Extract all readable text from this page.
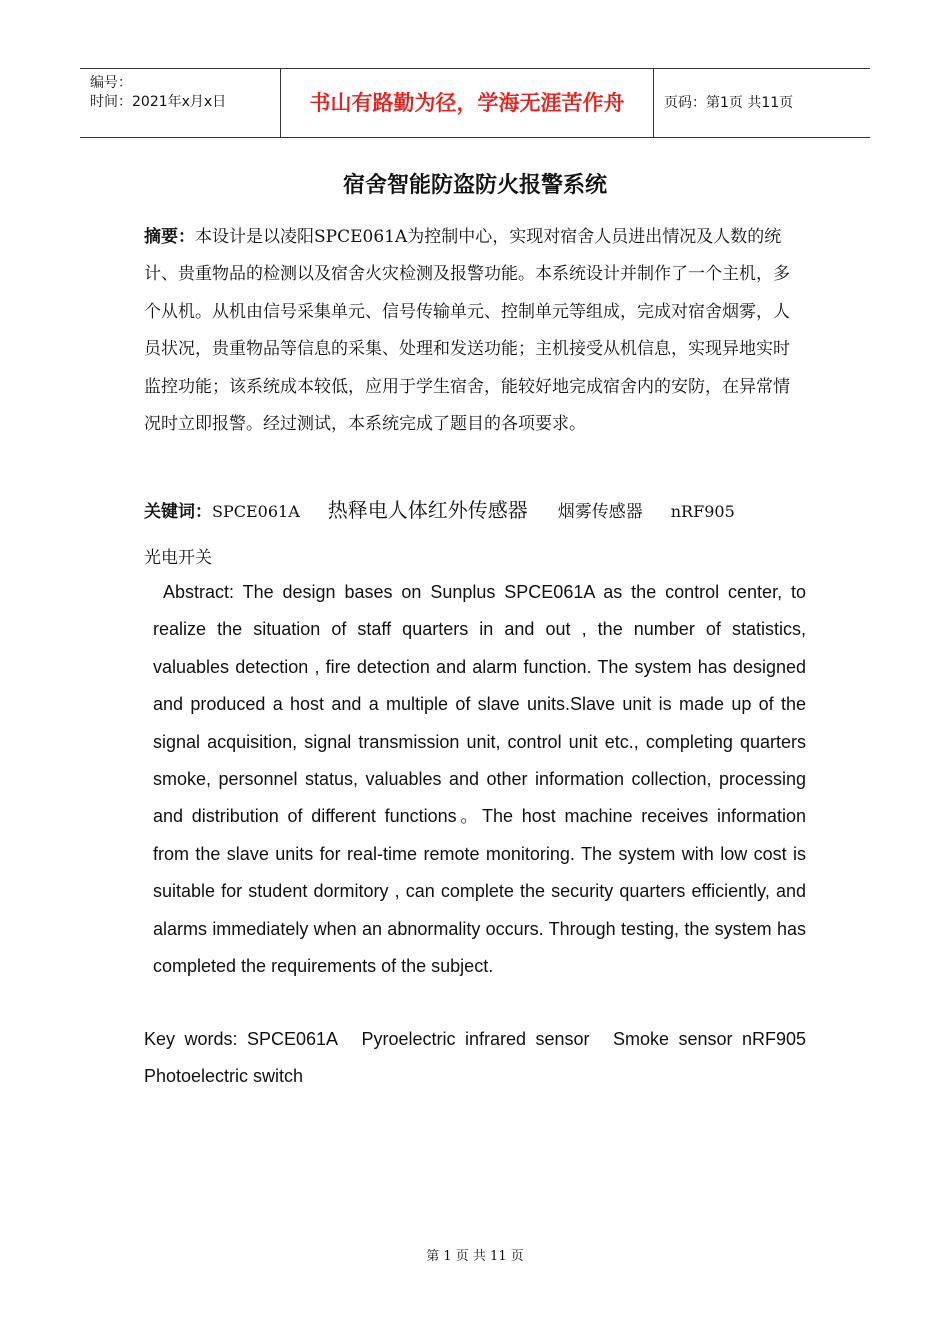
编号：
时间：2021年x月x日	书山有路勤为径，学海无涯苦作舟	页码：第1页 共11页
宿舍智能防盗防火报警系统
摘要：本设计是以凌阳SPCE061A为控制中心，实现对宿舍人员进出情况及人数的统计、贵重物品的检测以及宿舍火灾检测及报警功能。本系统设计并制作了一个主机，多个从机。从机由信号采集单元、信号传输单元、控制单元等组成，完成对宿舍烟雾，人员状况，贵重物品等信息的采集、处理和发送功能；主机接受从机信息，实现异地实时监控功能；该系统成本较低，应用于学生宿舍，能较好地完成宿舍内的安防，在异常情况时立即报警。经过测试，本系统完成了题目的各项要求。
关键词：SPCE061A 热释电人体红外传感器 烟雾传感器 nRF905
光电开关
Abstract: The design bases on Sunplus SPCE061A as the control center, to realize the situation of staff quarters in and out , the number of statistics, valuables detection , fire detection and alarm function. The system has designed and produced a host and a multiple of slave units.Slave unit is made up of the signal acquisition, signal transmission unit, control unit etc., completing quarters smoke, personnel status, valuables and other information collection, processing and distribution of different functions。The host machine receives information from the slave units for real-time remote monitoring. The system with low cost is suitable for student dormitory , can complete the security quarters efficiently, and alarms immediately when an abnormality occurs. Through testing, the system has completed the requirements of the subject.
Key words: SPCE061A Pyroelectric infrared sensor Smoke sensor nRF905 Photoelectric switch
第 1 页 共 11 页
